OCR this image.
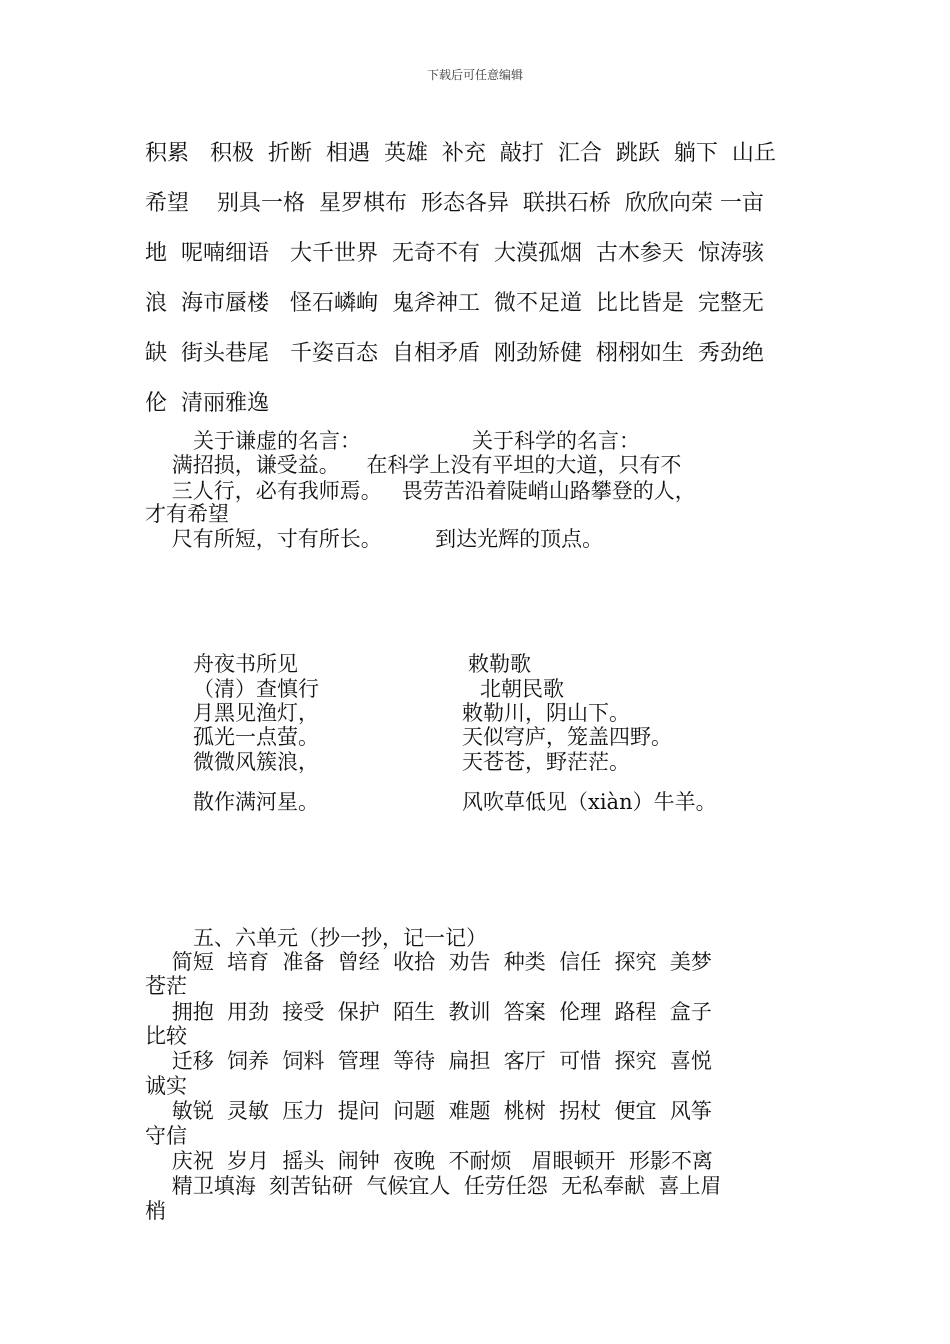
下载后可任意编辑
积累   积极  折断  相遇  英雄  补充  敲打  汇合  跳跃  躺下  山丘
希望    别具一格  星罗棋布  形态各异  联拱石桥  欣欣向荣 一亩
地  呢喃细语   大千世界  无奇不有  大漠孤烟  古木参天  惊涛骇
浪  海市蜃楼   怪石嶙峋  鬼斧神工  微不足道  比比皆是  完整无
缺  街头巷尾   千姿百态  自相矛盾  刚劲矫健  栩栩如生  秀劲绝
伦  清丽雅逸
关于谦虚的名言：	关于科学的名言：
满招损，谦受益。    在科学上没有平坦的大道，只有不
三人行，必有我师焉。   畏劳苦沿着陡峭山路攀登的人，
才有希望
尺有所短，寸有所长。        到达光辉的顶点。
舟夜书所见
（清）查慎行
月黑见渔灯，
孤光一点萤。
微微风簇浪，
散作满河星。
敕勒歌
北朝民歌
敕勒川，阴山下。
天似穹庐，笼盖四野。
天苍苍，野茫茫。
风吹草低见（xiàn）牛羊。
五、六单元（抄一抄，记一记）
简短  培育  准备  曾经  收拾  劝告  种类  信任  探究  美梦
苍茫
拥抱  用劲  接受  保护  陌生  教训  答案  伦理  路程  盒子
比较
迁移  饲养  饲料  管理  等待  扁担  客厅  可惜  探究  喜悦
诚实
敏锐  灵敏  压力  提问  问题  难题  桃树  拐杖  便宜  风筝
守信
庆祝  岁月  摇头  闹钟  夜晚  不耐烦   眉眼顿开  形影不离
精卫填海  刻苦钻研  气候宜人  任劳任怨  无私奉献  喜上眉
梢
